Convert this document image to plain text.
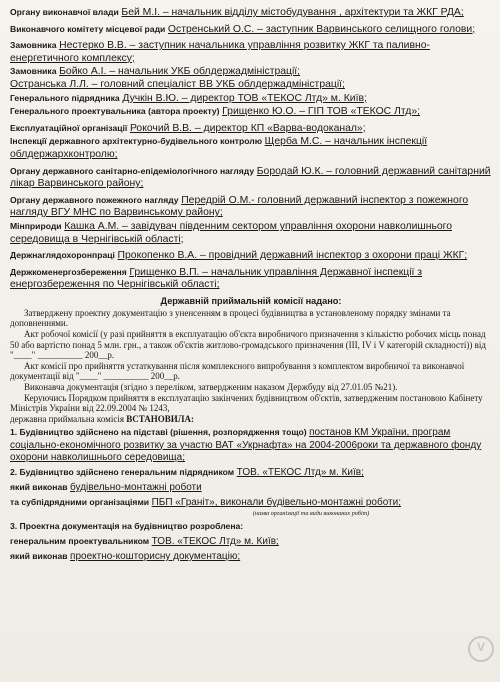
Органу виконавчої влади Бей М.І. – начальник відділу містобудування , архітектури та ЖКГ РДА;

Виконавчого комітету місцевої ради Остренський О.С. – заступник Варвинського селищного голови;

Замовника Нестерко В.В. – заступник начальника управління розвитку ЖКГ та паливно-енергетичного комплексу;

Замовника Бойко А.І. – начальник УКБ облдержадміністрації;

Остранська Л.Л. – головний спеціаліст ВВ УКБ облдержадміністрації;

Генерального підрядника Дучкін В.Ю. – директор ТОВ «ТЕКОС Лтд» м. Київ;

Генерального проектувальника (автора проекту) Грищенко Ю.О. – ГІП ТОВ «ТЕКОС Лтд»;

Експлуатаційної організації Рокочий В.В. – директор КП «Варва-водоканал»;

Інспекції державного архітектурно-будівельного контролю Щерба М.С. – начальник інспекції облдержархконтролю;

Органу державного санітарно-епідеміологічного нагляду Бородай Ю.К. – головний державний санітарний лікар Варвинського району;

Органу державного пожежного нагляду Передрій О.М.- головний державний інспектор з пожежного нагляду ВГУ МНС по Варвинському району;

Мінприроди Кашка А.М. – завідувач південним сектором управління охорони навколишнього середовища в Чернігівській області;

Держнаглядохоронпраці Прокопенко В.А. – провідний державний інспектор з охорони праці ЖКГ;

Держкоменергозбереження Грищенко В.П. – начальник управління Державної інспекції з енергозбереження по Чернігівській області;

Державній приймальній комісії надано:

Затверджену проектну документацію з уненсенням в процесі будівництва в установленому порядку змінами та доповненнями.

Акт робочої комісії (у разі прийняття в експлуатацію об'єкта виробничого призначення з кількістю робочих місць понад 50 або вартістю понад 5 млн. грн., а також об'єктів житлово-громадського призначення (III, IV і V категорій складності)) від "____" __________ 200__р.

Акт комісії про прийняття устаткування після комплексного випробування з комплектом виробничої та виконавчої документації від "____" __________ 200__р.

Виконавча документація (згідно з переліком, затвердженим наказом Держбуду від 27.01.05 №21).

Керуючись Порядком прийняття в експлуатацію закінчених будівництвом об'єктів, затвердженим постановою Кабінету Міністрів України від 22.09.2004 № 1243,

державна приймальна комісія ВСТАНОВИЛА:

1. Будівництво здійснено на підставі (рішення, розпорядження тощо) постанов КМ України, програм соціально-економічного розвитку за участю ВАТ «Укрнафта» на 2004-2006роки та державного фонду охорони навколишнього середовища;

2. Будівництво здійснено генеральним підрядником ТОВ. «ТЕКОС Лтд» м. Київ;

який виконав будівельно-монтажні роботи

та субпідрядними організаціями ПБП «Граніт», виконали будівельно-монтажні роботи;

(назва організації та види виконаних робіт)

3. Проектна документація на будівництво розроблена:

генеральним проектувальником ТОВ. «ТЕКОС Лтд» м. Київ;

який виконав проектно-кошторисну документацію;

V
